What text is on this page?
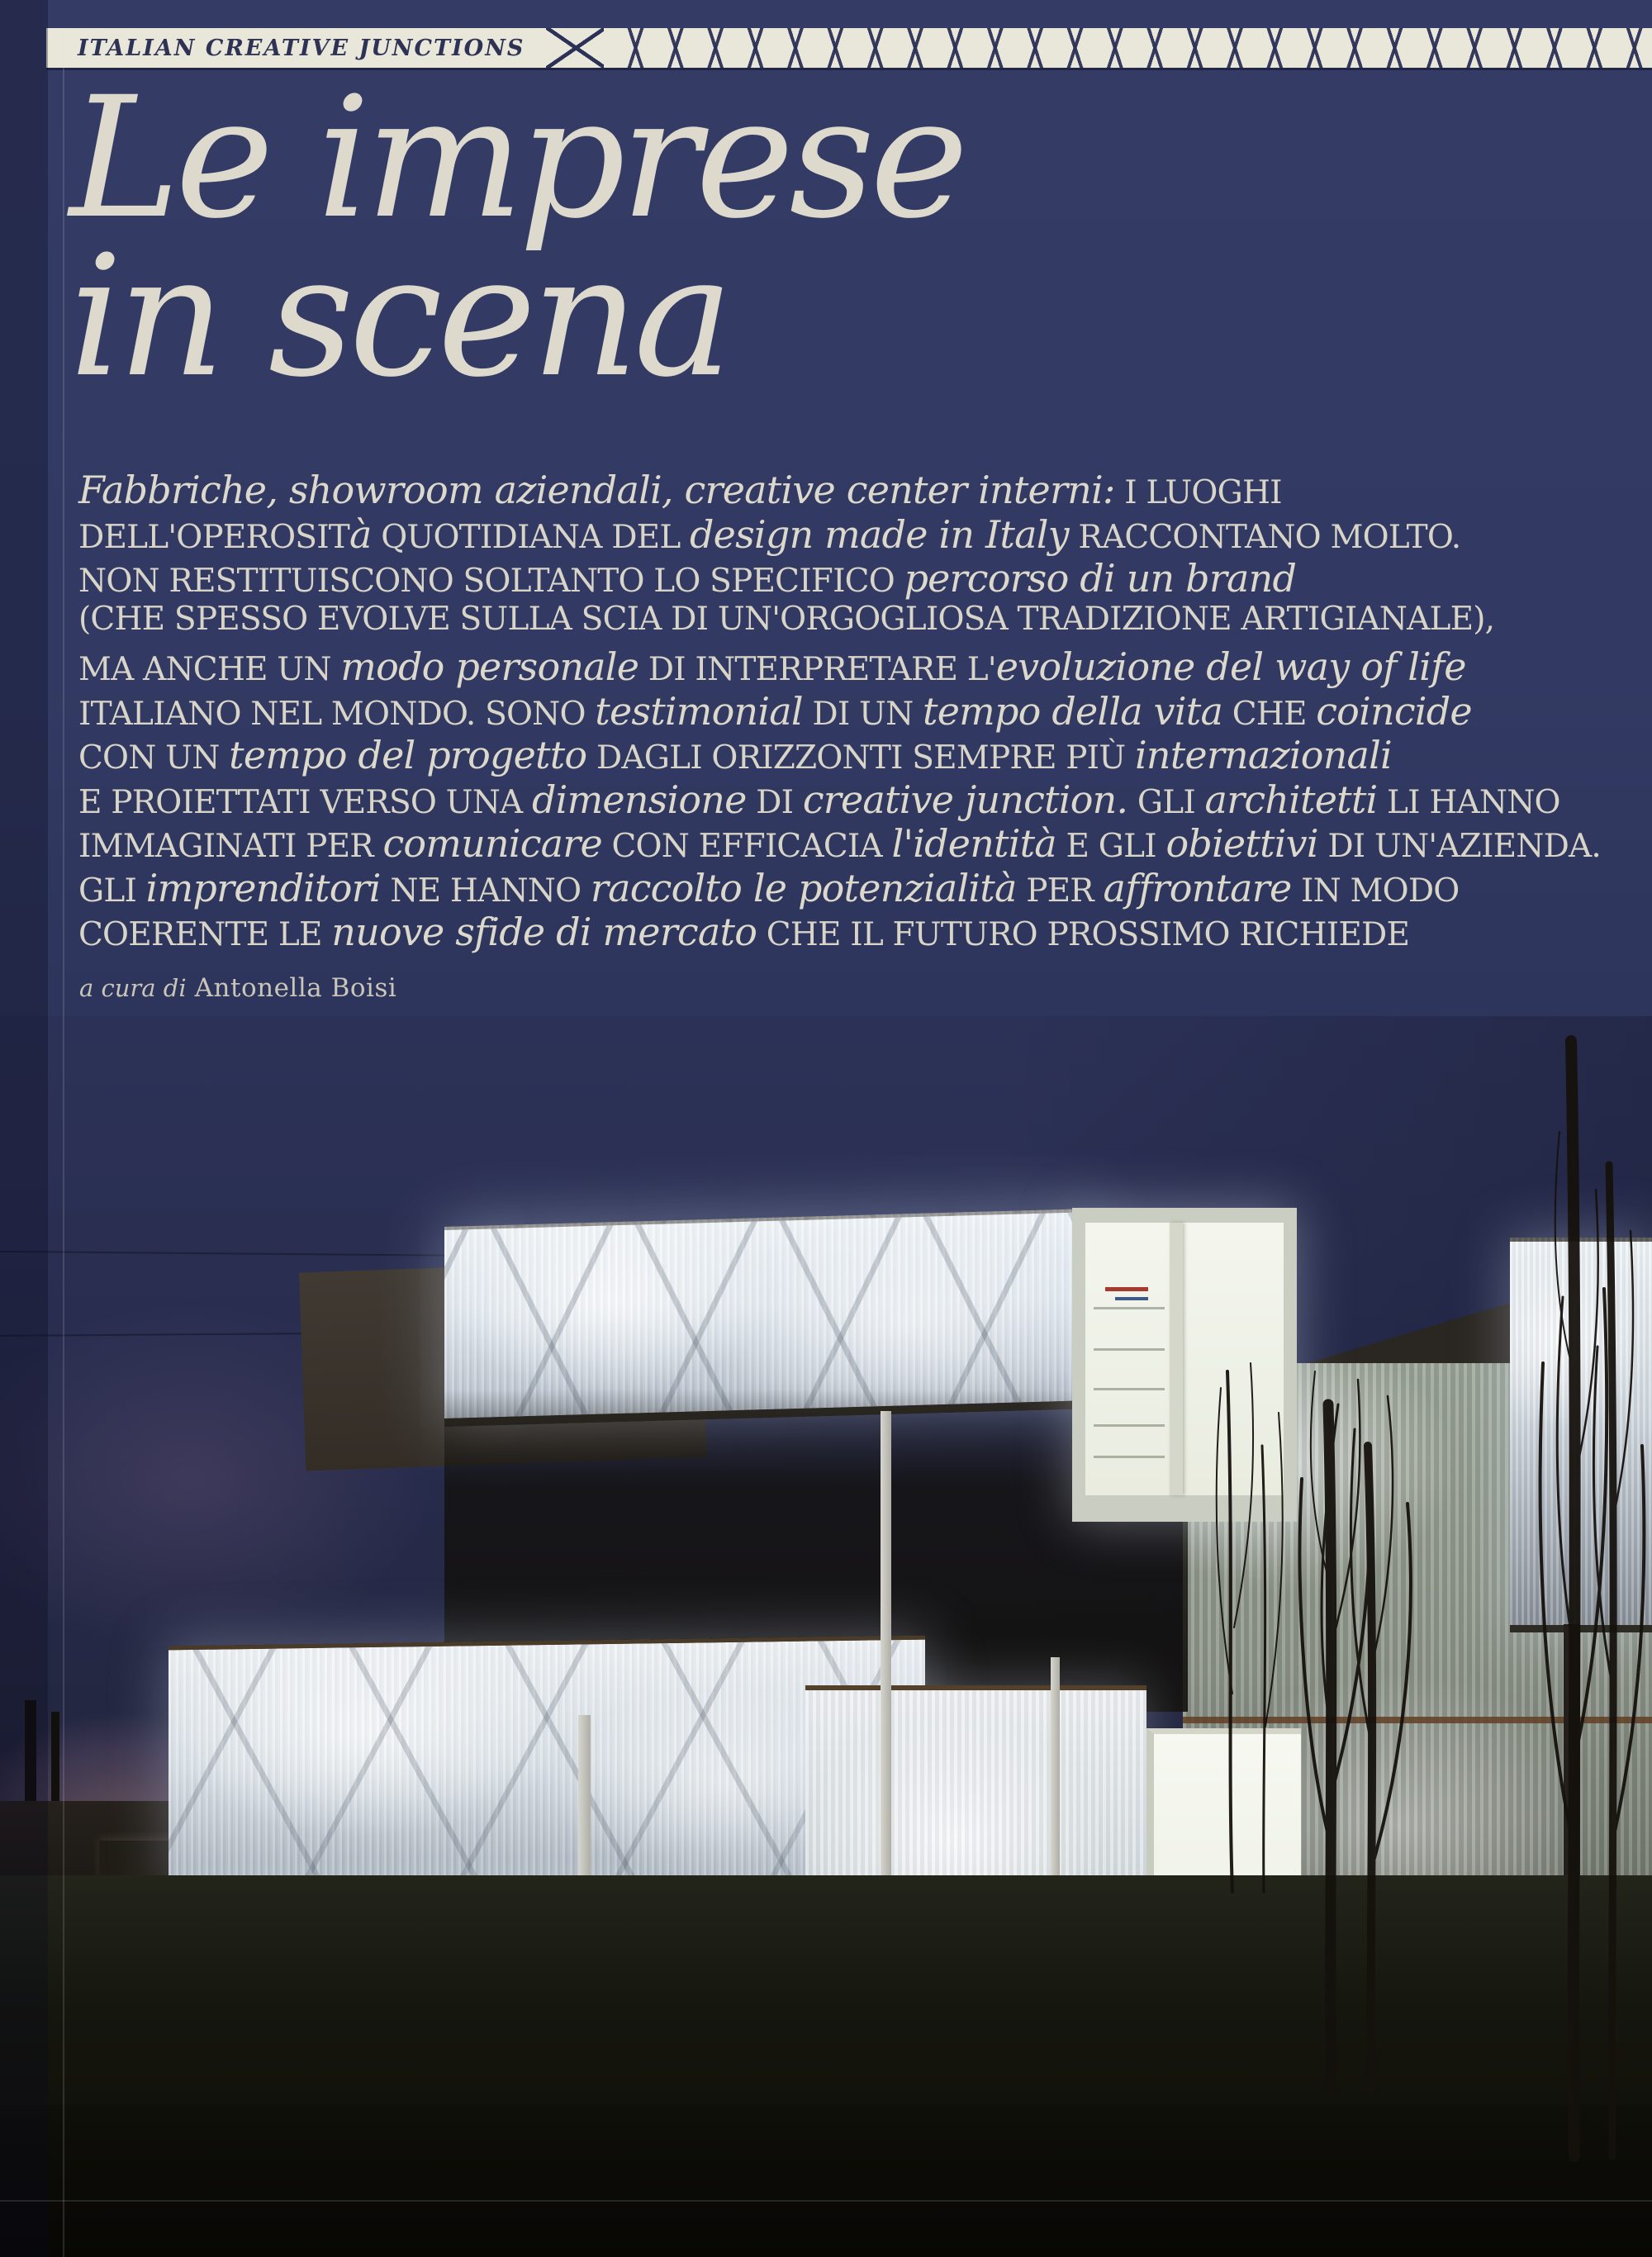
ITALIAN CREATIVE JUNCTIONS
Le imprese
in scena
Fabbriche, showroom aziendali, creative center interni: I LUOGHI
DELL'OPEROSITà QUOTIDIANA DEL design made in Italy RACCONTANO MOLTO.
NON RESTITUISCONO SOLTANTO LO SPECIFICO percorso di un brand
(CHE SPESSO EVOLVE SULLA SCIA DI UN'ORGOGLIOSA TRADIZIONE ARTIGIANALE),
MA ANCHE UN modo personale DI INTERPRETARE L'evoluzione del way of life
ITALIANO NEL MONDO. SONO testimonial DI UN tempo della vita CHE coincide
CON UN tempo del progetto DAGLI ORIZZONTI SEMPRE PIÙ internazionali
E PROIETTATI VERSO UNA dimensione DI creative junction. GLI architetti LI HANNO
IMMAGINATI PER comunicare CON EFFICACIA l'identità E GLI obiettivi DI UN'AZIENDA.
GLI imprenditori NE HANNO raccolto le potenzialità PER affrontare IN MODO
COERENTE LE nuove sfide di mercato CHE IL FUTURO PROSSIMO RICHIEDE
a cura di Antonella Boisi
